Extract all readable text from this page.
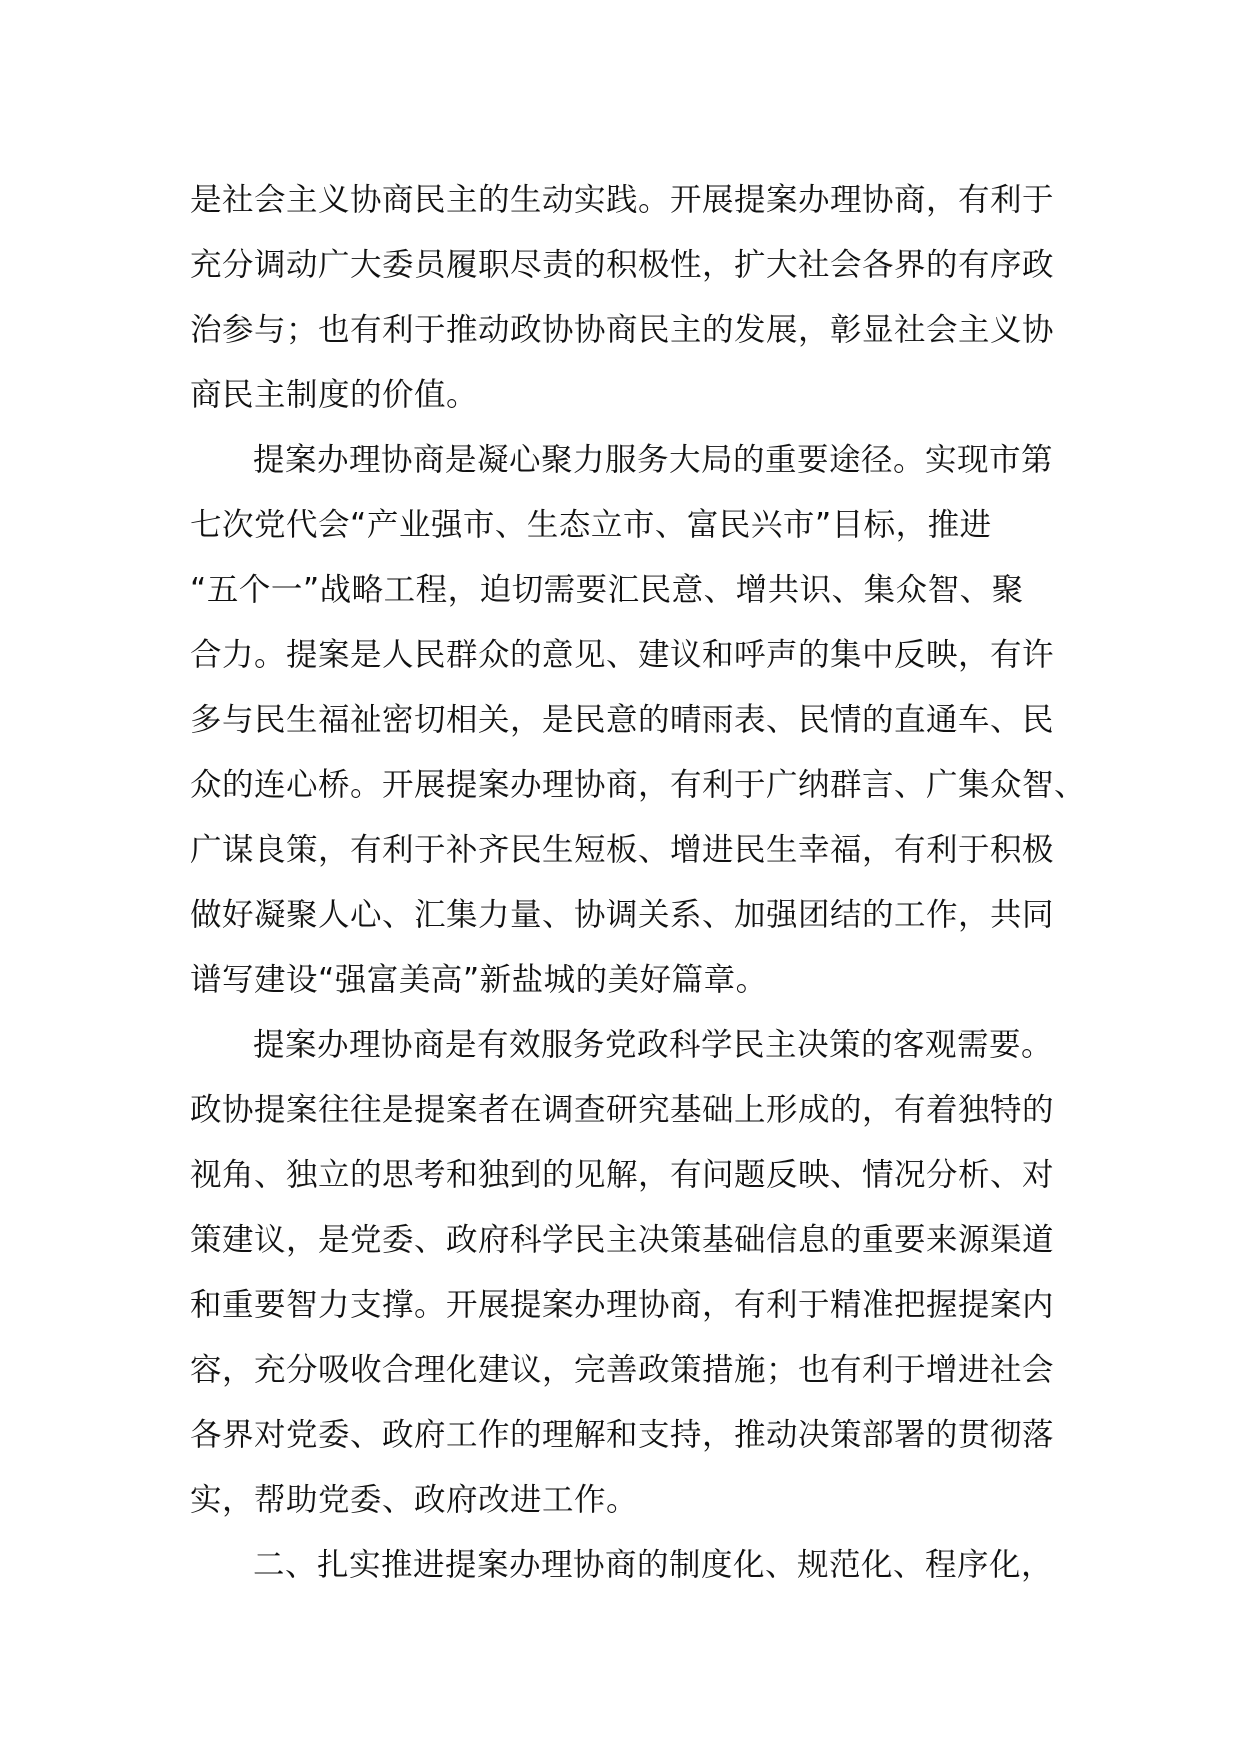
是社会主义协商民主的生动实践。开展提案办理协商，有利于

充分调动广大委员履职尽责的积极性，扩大社会各界的有序政

治参与；也有利于推动政协协商民主的发展，彰显社会主义协

商民主制度的价值。

提案办理协商是凝心聚力服务大局的重要途径。实现市第

七次党代会“产业强市、生态立市、富民兴市”目标，推进

“五个一”战略工程，迫切需要汇民意、增共识、集众智、聚

合力。提案是人民群众的意见、建议和呼声的集中反映，有许

多与民生福祉密切相关，是民意的晴雨表、民情的直通车、民

众的连心桥。开展提案办理协商，有利于广纳群言、广集众智、

广谋良策，有利于补齐民生短板、增进民生幸福，有利于积极

做好凝聚人心、汇集力量、协调关系、加强团结的工作，共同

谱写建设“强富美高”新盐城的美好篇章。

提案办理协商是有效服务党政科学民主决策的客观需要。

政协提案往往是提案者在调查研究基础上形成的，有着独特的

视角、独立的思考和独到的见解，有问题反映、情况分析、对

策建议，是党委、政府科学民主决策基础信息的重要来源渠道

和重要智力支撑。开展提案办理协商，有利于精准把握提案内

容，充分吸收合理化建议，完善政策措施；也有利于增进社会

各界对党委、政府工作的理解和支持，推动决策部署的贯彻落

实，帮助党委、政府改进工作。

二、扎实推进提案办理协商的制度化、规范化、程序化，
